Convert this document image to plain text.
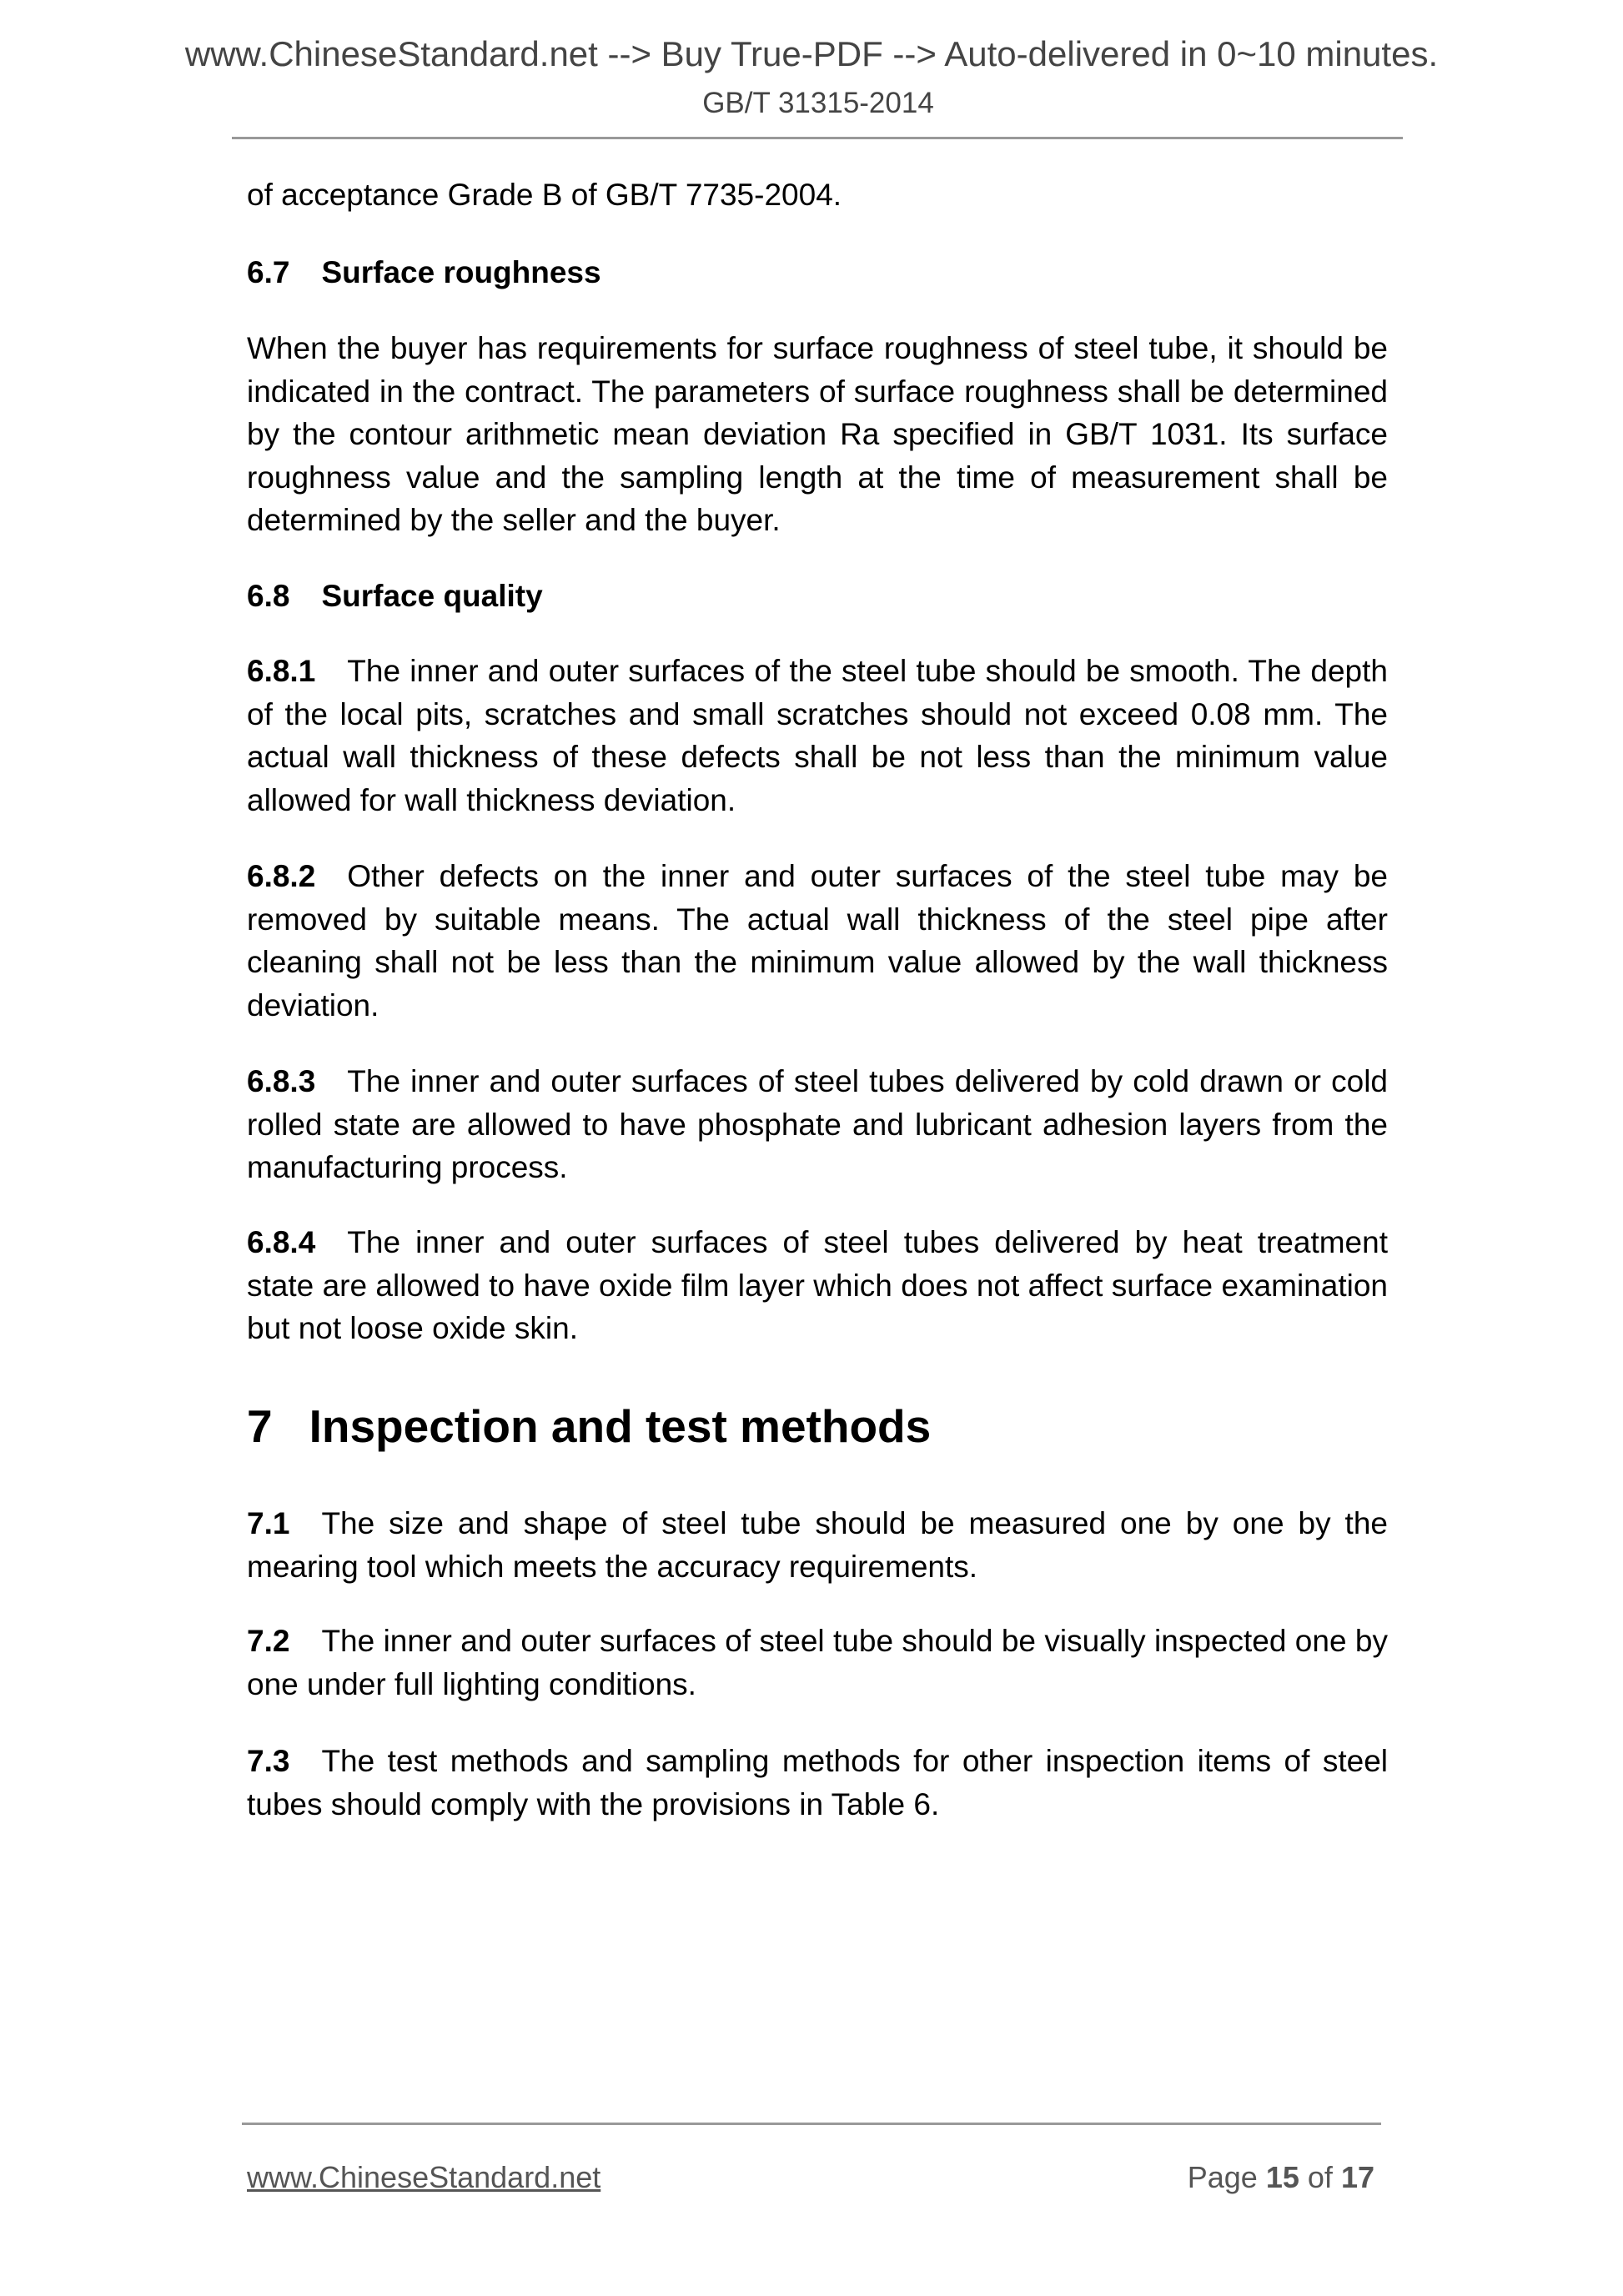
www.ChineseStandard.net --> Buy True-PDF --> Auto-delivered in 0~10 minutes.
GB/T 31315-2014
of acceptance Grade B of GB/T 7735-2004.
6.7 Surface roughness
When the buyer has requirements for surface roughness of steel tube, it should be indicated in the contract. The parameters of surface roughness shall be determined by the contour arithmetic mean deviation Ra specified in GB/T 1031. Its surface roughness value and the sampling length at the time of measurement shall be determined by the seller and the buyer.
6.8 Surface quality
6.8.1 The inner and outer surfaces of the steel tube should be smooth. The depth of the local pits, scratches and small scratches should not exceed 0.08 mm. The actual wall thickness of these defects shall be not less than the minimum value allowed for wall thickness deviation.
6.8.2 Other defects on the inner and outer surfaces of the steel tube may be removed by suitable means. The actual wall thickness of the steel pipe after cleaning shall not be less than the minimum value allowed by the wall thickness deviation.
6.8.3 The inner and outer surfaces of steel tubes delivered by cold drawn or cold rolled state are allowed to have phosphate and lubricant adhesion layers from the manufacturing process.
6.8.4 The inner and outer surfaces of steel tubes delivered by heat treatment state are allowed to have oxide film layer which does not affect surface examination but not loose oxide skin.
7 Inspection and test methods
7.1 The size and shape of steel tube should be measured one by one by the mearing tool which meets the accuracy requirements.
7.2 The inner and outer surfaces of steel tube should be visually inspected one by one under full lighting conditions.
7.3 The test methods and sampling methods for other inspection items of steel tubes should comply with the provisions in Table 6.
www.ChineseStandard.net	Page 15 of 17
